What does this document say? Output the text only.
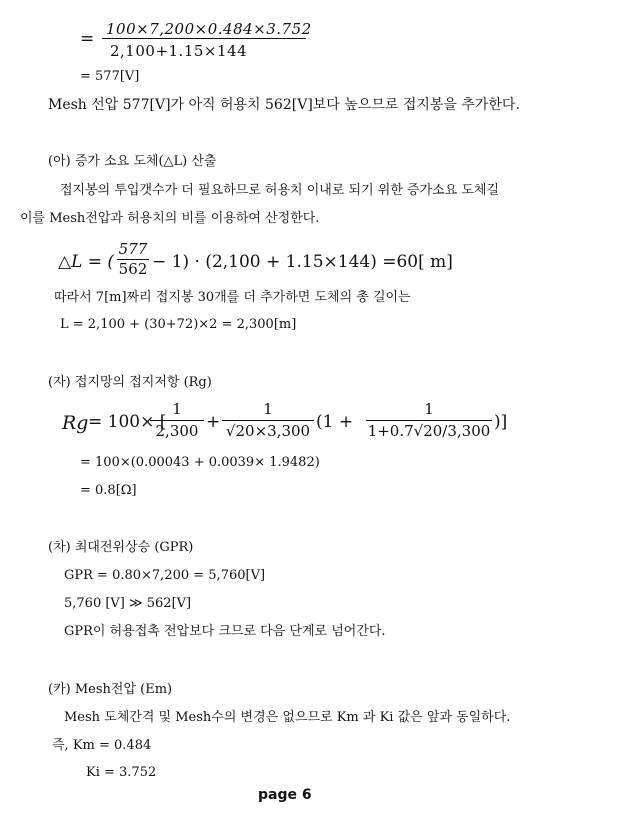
= 100×7,200×0.484×3.752
2,100+1.15×144
= 577[V]
Mesh 선압 577[V]가 아직 허용치 562[V]보다 높으므로 접지봉을 추가한다.
(아) 증가 소요 도체(△L) 산출
접지봉의 투입갯수가 더 필요하므로 허용치 이내로 되기 위한 증가소요 도체길
이를 Mesh전압과 허용치의 비를 이용하여 산정한다.
△L = (
577
562 − 1) · (2,100 + 1.15×144) =60[ m]
따라서 7[m]짜리 접지봉 30개를 더 추가하면 도체의 총 길이는
L = 2,100 + (30+72)×2 = 2,300[m]
(자) 접지망의 접지저항 (Rg)
Rg = 100× [
1
2,300 +
1
√20×3,300 (1 +
1
1+0.7√20/3,300 )]
= 100×(0.00043 + 0.0039× 1.9482)
= 0.8[Ω]
(차) 최대전위상승 (GPR)
GPR = 0.80×7,200 = 5,760[V]
5,760 [V] ≫ 562[V]
GPR이 허용접촉 전압보다 크므로 다음 단계로 넘어간다.
(카) Mesh전압 (Em)
Mesh 도체간격 및 Mesh수의 변경은 없으므로 Km 과 Ki 값은 앞과 동일하다.
즉, Km = 0.484
Ki = 3.752
page 6
